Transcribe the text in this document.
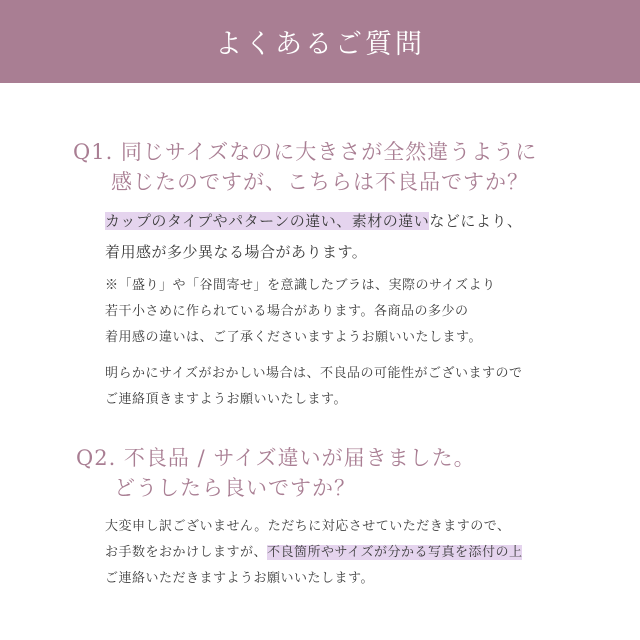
よくあるご質問
Q1. 同じサイズなのに大きさが全然違うように
感じたのですが、こちらは不良品ですか？
カップのタイプやパターンの違い、素材の違いなどにより、
着用感が多少異なる場合があります。
※「盛り」や「谷間寄せ」を意識したブラは、実際のサイズより
若干小さめに作られている場合があります。各商品の多少の
着用感の違いは、ご了承くださいますようお願いいたします。
明らかにサイズがおかしい場合は、不良品の可能性がございますので
ご連絡頂きますようお願いいたします。
Q2. 不良品 / サイズ違いが届きました。
どうしたら良いですか？
大変申し訳ございません。ただちに対応させていただきますので、
お手数をおかけしますが、不良箇所やサイズが分かる写真を添付の上
ご連絡いただきますようお願いいたします。
